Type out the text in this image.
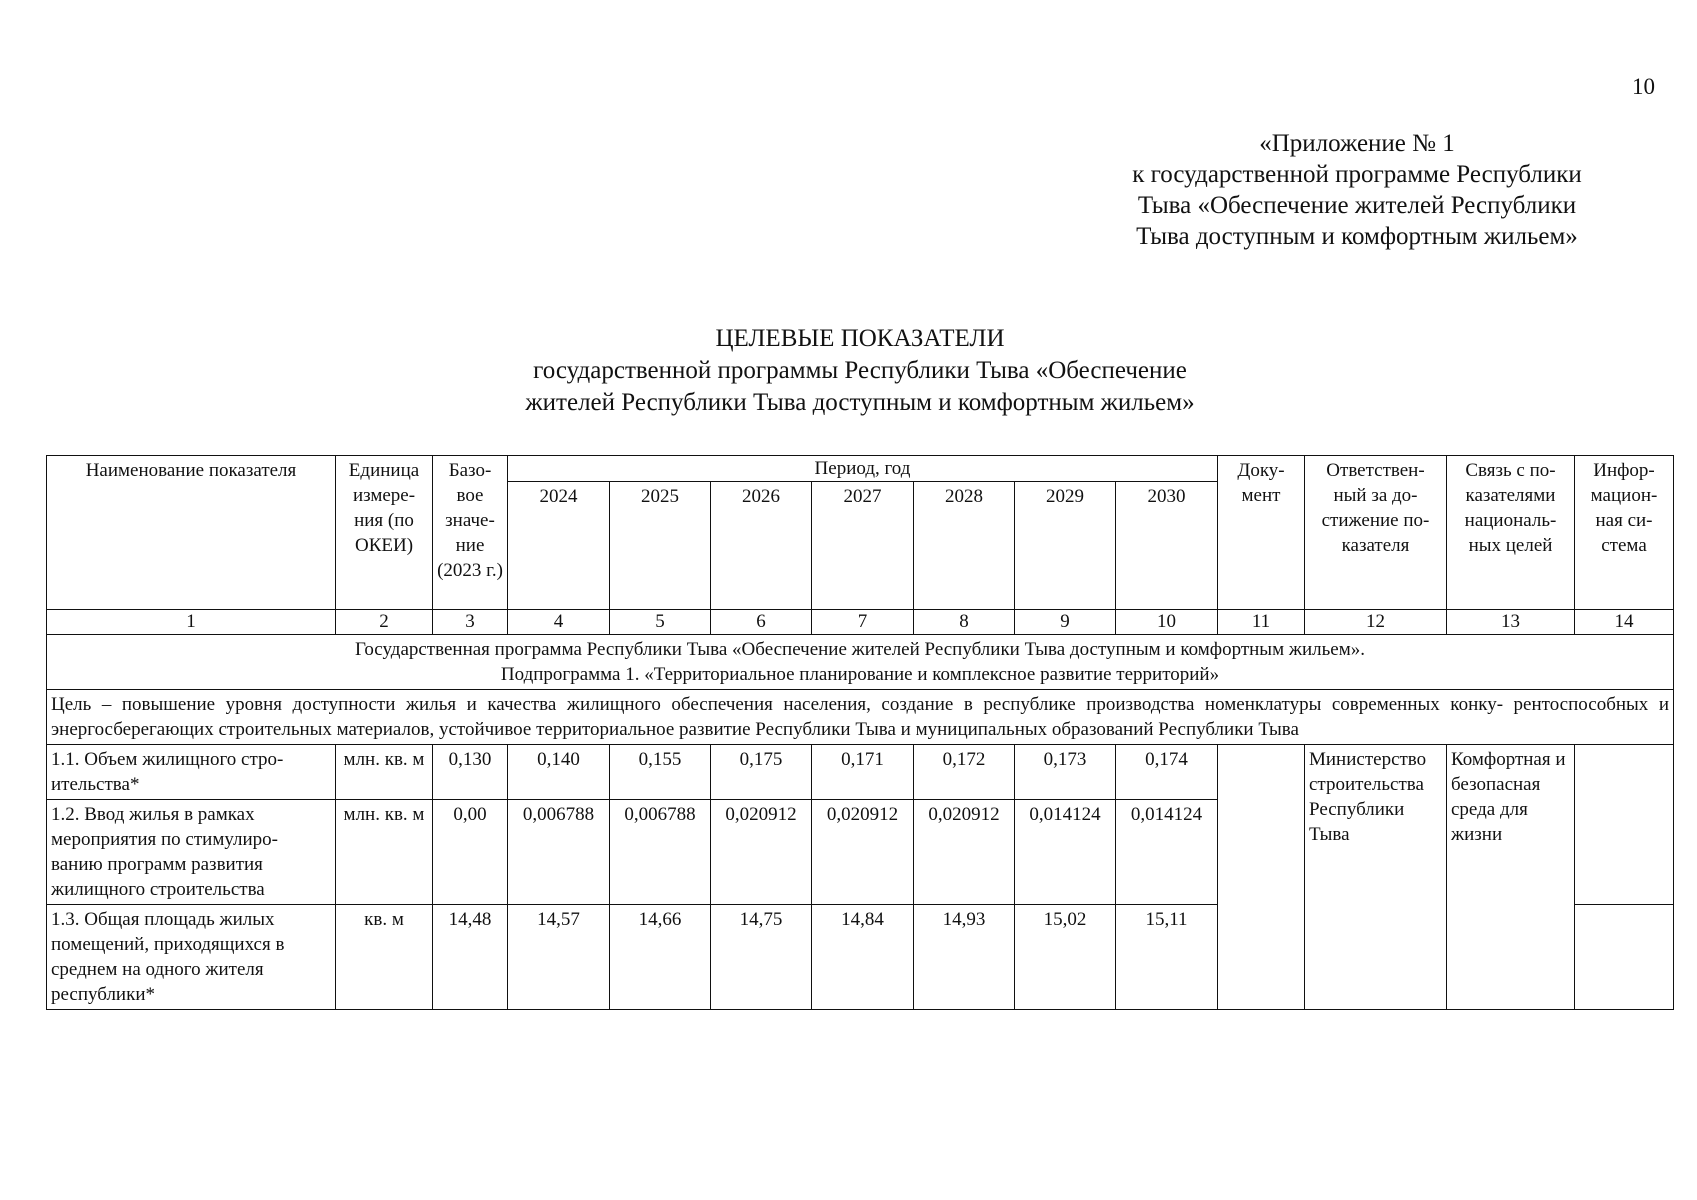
10
«Приложение № 1
к государственной программе Республики
Тыва «Обеспечение жителей Республики
Тыва доступным и комфортным жильем»
ЦЕЛЕВЫЕ ПОКАЗАТЕЛИ
государственной программы Республики Тыва «Обеспечение
жителей Республики Тыва доступным и комфортным жильем»
Наименование показателя	Единица измере- ния (по ОКЕИ)	Базо- вое значе- ние (2023 г.)	Период, год							Доку- мент	Ответствен- ный за до- стижение по- казателя	Связь с по- казателями националь- ных целей	Инфор- мацион- ная си- стема
			2024	2025	2026	2027	2028	2029	2030				
1	2	3	4	5	6	7	8	9	10	11	12	13	14

Государственная программа Республики Тыва «Обеспечение жителей Республики Тыва доступным и комфортным жильем».
Подпрограмма 1. «Территориальное планирование и комплексное развитие территорий»													

Цель – повышение уровня доступности жилья и качества жилищного обеспечения населения, создание в республике производства номенклатуры современных конку- рентоспособных и энергосберегающих строительных материалов, устойчивое территориальное развитие Республики Тыва и муниципальных образований Республики Тыва													
1.1. Объем жилищного стро- ительства*	млн. кв. м	0,130	0,140	0,155	0,175	0,171	0,172	0,173	0,174		Министерство строительства Республики Тыва	Комфортная и безопасная среда для жизни	
1.2. Ввод жилья в рамках мероприятия по стимулиро- ванию программ развития жилищного строительства	млн. кв. м	0,00	0,006788	0,006788	0,020912	0,020912	0,020912	0,014124	0,014124				
1.3. Общая площадь жилых помещений, приходящихся в среднем на одного жителя республики*	кв. м	14,48	14,57	14,66	14,75	14,84	14,93	15,02	15,11				
